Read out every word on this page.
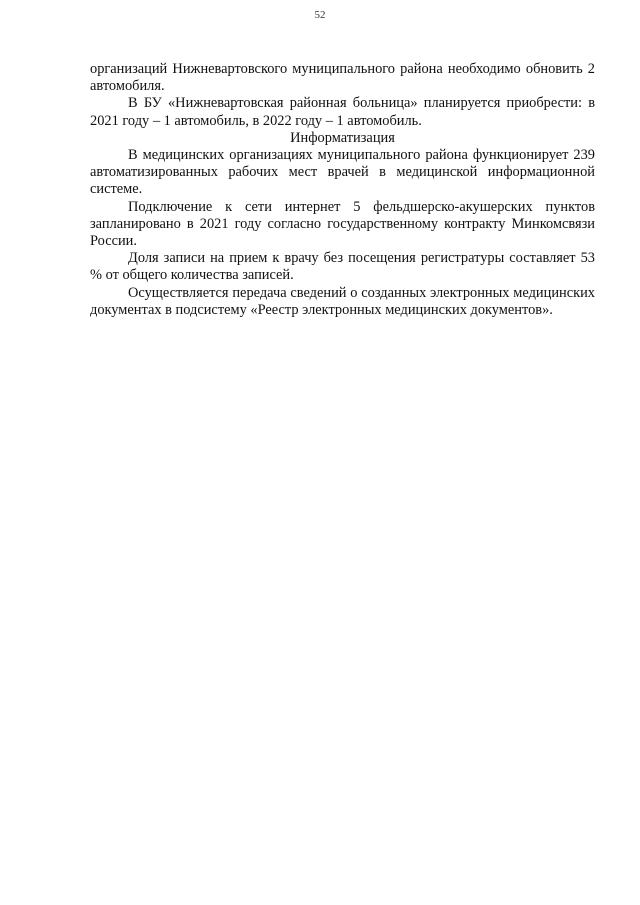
52

организаций Нижневартовского муниципального района необходимо обновить 2 автомобиля.

В БУ «Нижневартовская районная больница» планируется приобрести: в 2021 году – 1 автомобиль, в 2022 году – 1 автомобиль.

Информатизация

В медицинских организациях муниципального района функционирует 239 автоматизированных рабочих мест врачей в медицинской информационной системе.

Подключение к сети интернет 5 фельдшерско-акушерских пунктов запланировано в 2021 году согласно государственному контракту Минкомсвязи России.

Доля записи на прием к врачу без посещения регистратуры составляет 53 % от общего количества записей.

Осуществляется передача сведений о созданных электронных медицинских документах в подсистему «Реестр электронных медицинских документов».
